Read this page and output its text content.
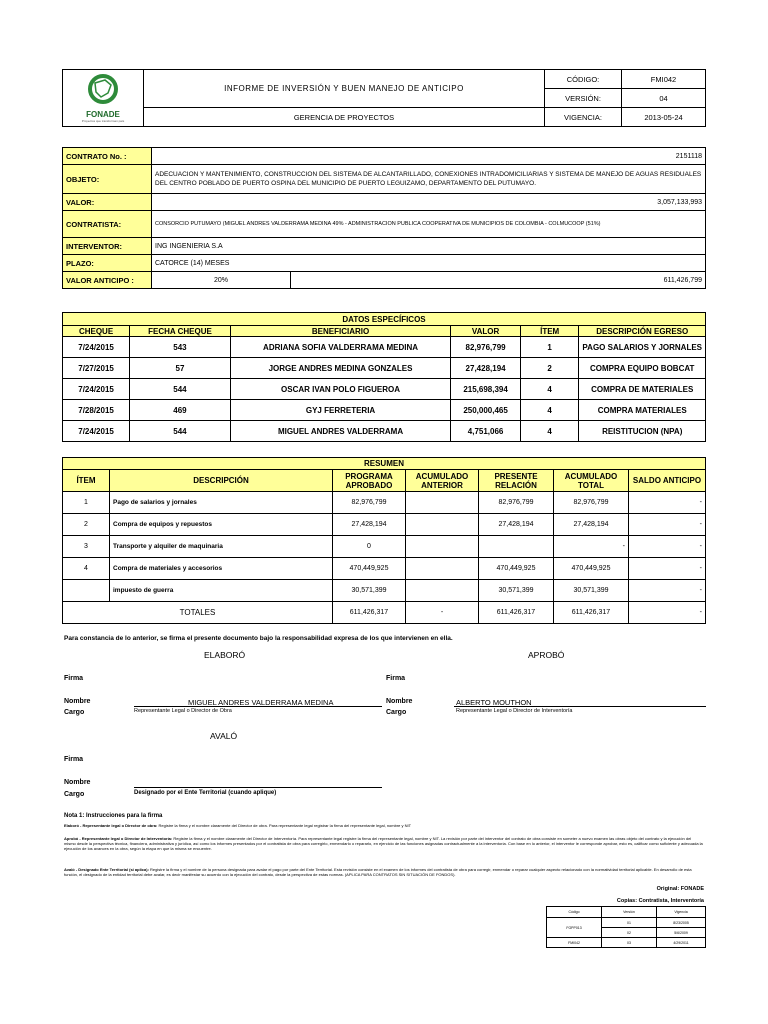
FONADE
Proyectos que transforman país	INFORME DE INVERSIÓN Y BUEN MANEJO DE ANTICIPO	CÓDIGO:	FMI042
		VERSIÓN:	04
	GERENCIA DE PROYECTOS	VIGENCIA:	2013-05-24
CONTRATO No. :	2151118	
OBJETO:	ADECUACION Y MANTENIMIENTO, CONSTRUCCION DEL SISTEMA DE ALCANTARILLADO, CONEXIONES INTRADOMICILIARIAS Y SISTEMA DE MANEJO DE AGUAS RESIDUALES DEL CENTRO POBLADO DE PUERTO OSPINA DEL MUNICIPIO DE PUERTO LEGUIZAMO, DEPARTAMENTO DEL PUTUMAYO.	
VALOR:	3,057,133,993	
CONTRATISTA:	CONSORCIO PUTUMAYO (MIGUEL ANDRES VALDERRAMA MEDINA 49% - ADMINISTRACION PUBLICA COOPERATIVA DE MUNICIPIOS DE COLOMBIA - COLMUCOOP (51%)	
INTERVENTOR:	ING INGENIERIA S.A	
PLAZO:	CATORCE (14) MESES	
VALOR ANTICIPO :	20%	611,426,799
DATOS ESPECÍFICOS					
CHEQUE	FECHA CHEQUE	BENEFICIARIO	VALOR	ÍTEM	DESCRIPCIÓN EGRESO
7/24/2015	543	ADRIANA SOFIA VALDERRAMA MEDINA	82,976,799	1	PAGO SALARIOS Y JORNALES
7/27/2015	57	JORGE ANDRES MEDINA GONZALES	27,428,194	2	COMPRA EQUIPO BOBCAT
7/24/2015	544	OSCAR IVAN POLO FIGUEROA	215,698,394	4	COMPRA DE MATERIALES
7/28/2015	469	GYJ FERRETERIA	250,000,465	4	COMPRA MATERIALES
7/24/2015	544	MIGUEL ANDRES VALDERRAMA	4,751,066	4	REISTITUCION (NPA)
RESUMEN						
ÍTEM	DESCRIPCIÓN	PROGRAMA APROBADO	ACUMULADO ANTERIOR	PRESENTE RELACIÓN	ACUMULADO TOTAL	SALDO ANTICIPO
1	Pago de salarios y jornales	82,976,799		82,976,799	82,976,799	-
2	Compra de equipos y repuestos	27,428,194		27,428,194	27,428,194	-
3	Transporte y alquiler de maquinaria	0			-	-
4	Compra de materiales y accesorios	470,449,925		470,449,925	470,449,925	-
	impuesto de guerra	30,571,399		30,571,399	30,571,399	-
TOTALES		611,426,317	-	611,426,317	611,426,317	-
Para constancia de lo anterior, se firma el presente documento bajo la responsabilidad expresa de los que intervienen en ella.
ELABORÓ	APROBÓ
Firma	Firma
Nombre	MIGUEL ANDRES VALDERRAMA MEDINA	Nombre	ALBERTO MOUTHON
Cargo	Representante Legal o Director de Obra	Cargo	Representante Legal o Director de Interventoría
AVALÓ
Firma
Nombre
Cargo	Designado por el Ente Territorial (cuando aplique)
Nota 1: Instrucciones para la firma
Elaboró - Representante legal o Director de obra: Registre la firma y el nombre claramente del Director de obra. Para representante legal registrar la firma del representante legal, nombre y NIT
Aprobó - Representante legal o Director de Interventoría: Registre la firma y el nombre claramente del Director de Interventoría. Para representante legal registre la firma del representante legal, nombre y NIT. La revisión por parte del interventor del contrato de obra consiste en someter a nuevo examen las obras objeto del contrato y la ejecución del mismo desde la perspectiva técnica, financiera, administrativa y jurídica, así como los informes presentados por el contratista de obra para corregirlo, enmendarlo o repararlo, en ejercicio de las funciones asignadas contractualmente a la interventoría. Con base en lo anterior, el interventor le corresponde aprobar, esto es, calificar como suficiente y adecuada la ejecución de los avances en la obra, según la etapa en que la misma se encuentre.
Avaló - Designado Ente Territorial (si aplica): Registre la firma y el nombre de la persona designada para avalar el pago por parte del Ente Territorial. Esta revisión consiste en el examen de los informes del contratista de obra para corregir, enmendar o reparar cualquier aspecto relacionado con la normatividad territorial aplicable. En desarrollo de esta función, el designado de la entidad territorial debe avalar, es decir manifestar su acuerdo con la ejecución del contrato, desde la perspectiva de estas normas. (APLICA PARA CONTRATOS SIN SITUACIÓN DE FONDOS).
Original: FONADE
Copias: Contratista, Interventoría
Código	Versión	Vigencia
FGPP013	01	8/23/2005
	02	5/6/2009
FMI042	03	4/29/2011
